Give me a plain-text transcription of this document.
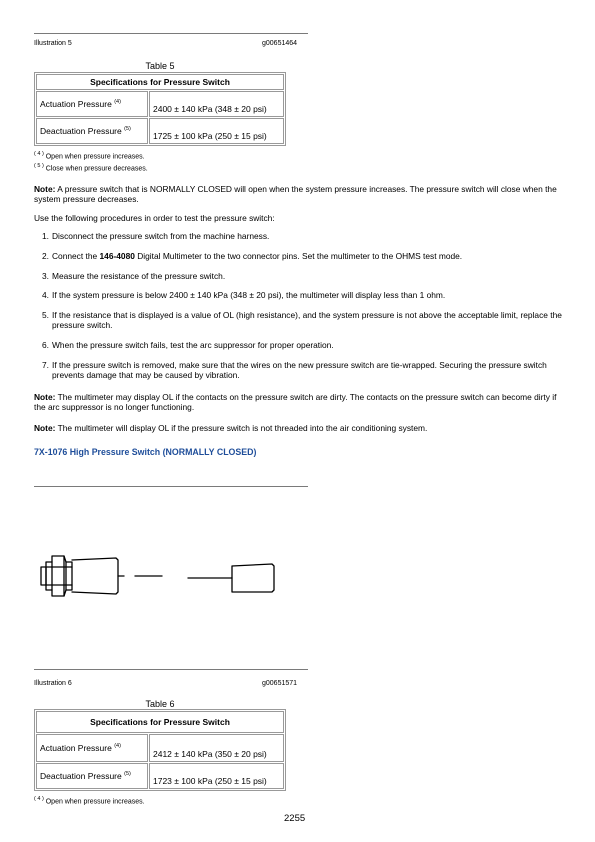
Illustration 5	g00651464
Table 5
Specifications for Pressure Switch	
Actuation Pressure $^{(4)}$	2400 ± 140 kPa (348 ± 20 psi)
Deactuation Pressure $^{(5)}$	1725 ± 100 kPa (250 ± 15 psi)
$^{( 4 )}$ Open when pressure increases.
$^{( 5 )}$ Close when pressure decreases.
Note: A pressure switch that is NORMALLY CLOSED will open when the system pressure increases. The pressure switch will close when the system pressure decreases.
Use the following procedures in order to test the pressure switch:
1. Disconnect the pressure switch from the machine harness.
2. Connect the 146-4080 Digital Multimeter to the two connector pins. Set the multimeter to the OHMS test mode.
3. Measure the resistance of the pressure switch.
4. If the system pressure is below 2400 ± 140 kPa (348 ± 20 psi), the multimeter will display less than 1 ohm.
5. If the resistance that is displayed is a value of OL (high resistance), and the system pressure is not above the acceptable limit, replace the pressure switch.
6. When the pressure switch fails, test the arc suppressor for proper operation.
7. If the pressure switch is removed, make sure that the wires on the new pressure switch are tie-wrapped. Securing the pressure switch prevents damage that may be caused by vibration.
Note: The multimeter may display OL if the contacts on the pressure switch are dirty. The contacts on the pressure switch can become dirty if the arc suppressor is no longer functioning.
Note: The multimeter will display OL if the pressure switch is not threaded into the air conditioning system.
7X-1076 High Pressure Switch (NORMALLY CLOSED)
Illustration 6	g00651571
Table 6
Specifications for Pressure Switch	
Actuation Pressure $^{(4)}$	2412 ± 140 kPa (350 ± 20 psi)
Deactuation Pressure $^{(5)}$	1723 ± 100 kPa (250 ± 15 psi)
$^{( 4 )}$ Open when pressure increases.
2255
